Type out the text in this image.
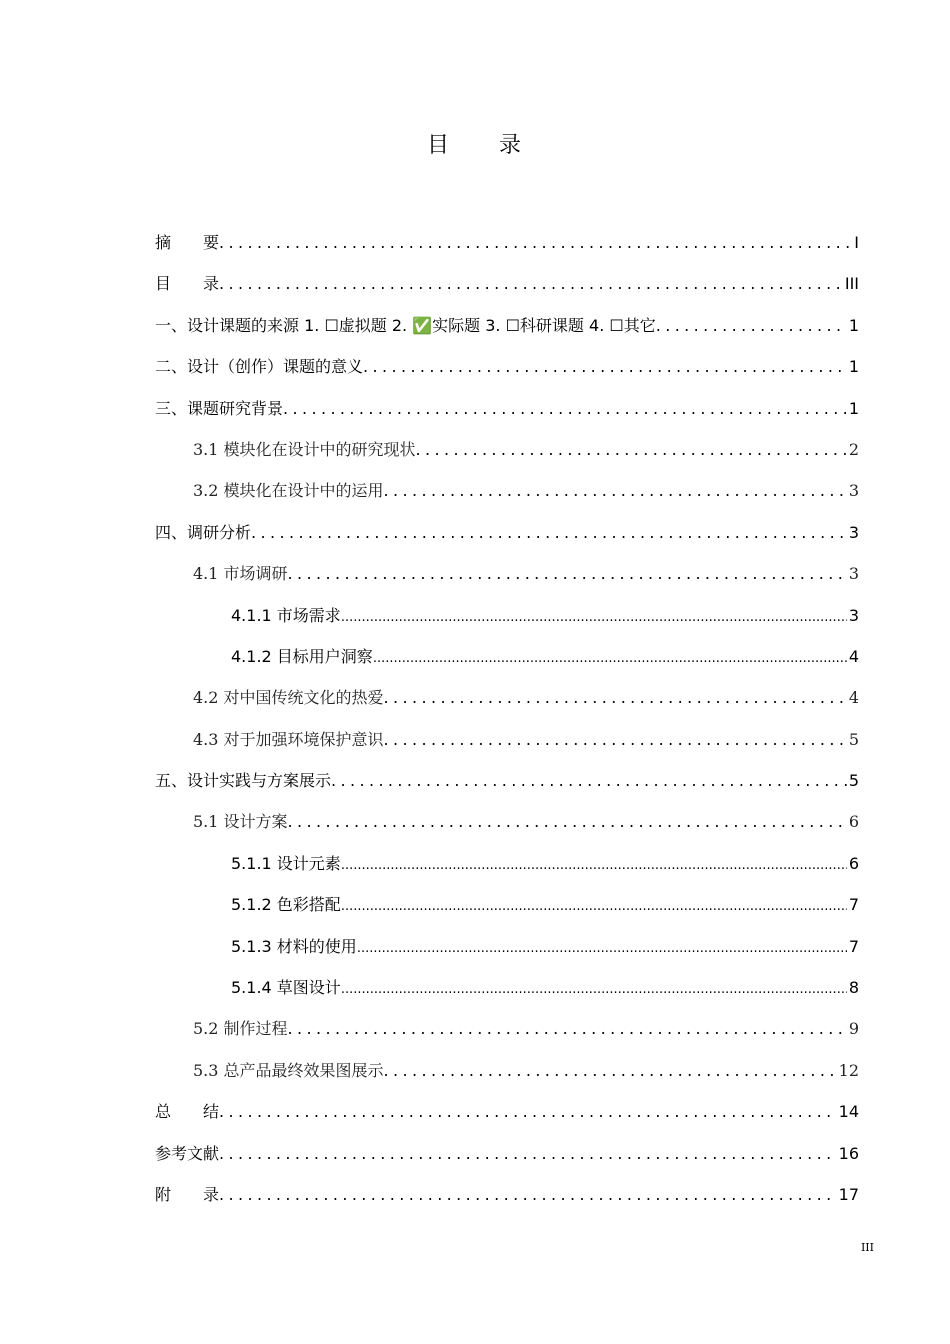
目　　录
摘　　要 .....	I
目　　录 .....	III
一、设计课题的来源 1. ☐虚拟题 2. ✅实际题 3. ☐科研课题 4. ☐其它 .....	1
二、设计（创作）课题的意义 .....	1
三、课题研究背景 .....	1
3.1 模块化在设计中的研究现状 .....	2
3.2 模块化在设计中的运用 .....	3
四、调研分析 .....	3
4.1 市场调研 .....	3
4.1.1 市场需求 .....	3
4.1.2 目标用户洞察 .....	4
4.2 对中国传统文化的热爱 .....	4
4.3 对于加强环境保护意识 .....	5
五、设计实践与方案展示 .....	5
5.1 设计方案 .....	6
5.1.1 设计元素 .....	6
5.1.2 色彩搭配 .....	7
5.1.3 材料的使用 .....	7
5.1.4 草图设计 .....	8
5.2 制作过程 .....	9
5.3 总产品最终效果图展示 .....	12
总　　结 .....	14
参考文献 .....	16
附　　录 .....	17
III
